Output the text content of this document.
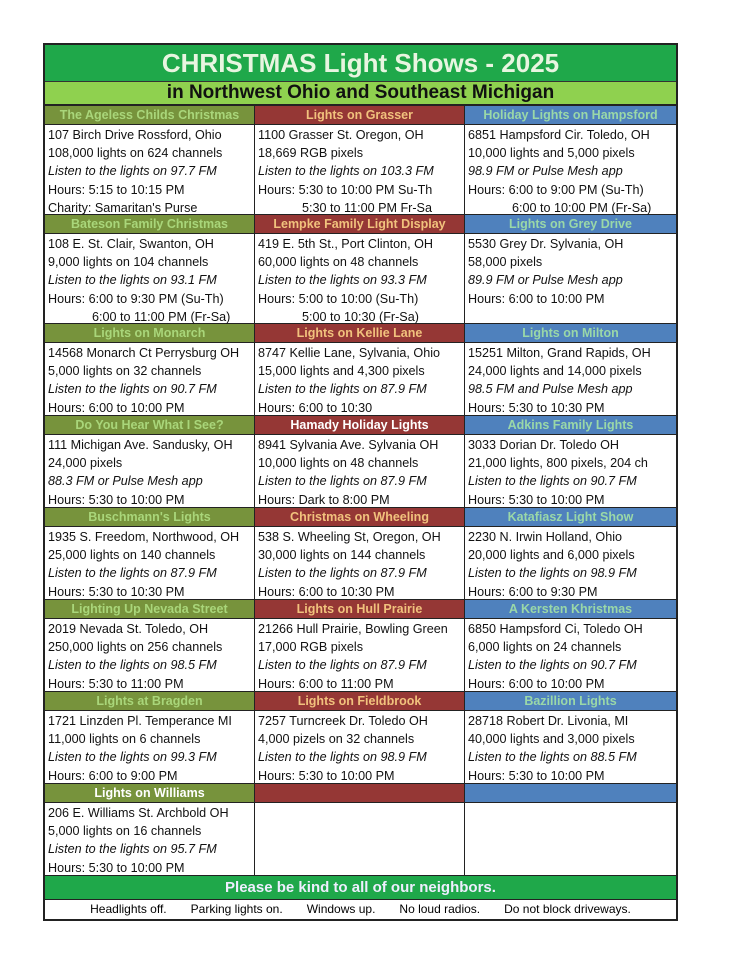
CHRISTMAS Light Shows - 2025
in Northwest Ohio and Southeast Michigan
The Ageless Childs Christmas
107 Birch Drive Rossford, Ohio
108,000 lights on 624 channels
Listen to the lights on 97.7 FM
Hours: 5:15 to 10:15 PM
Charity: Samaritan's Purse
Lights on Grasser
1100 Grasser St. Oregon, OH
18,669 RGB pixels
Listen to the lights on 103.3 FM
Hours: 5:30 to 10:00 PM Su-Th
5:30 to 11:00 PM Fr-Sa
Holiday Lights on Hampsford
6851 Hampsford Cir. Toledo, OH
10,000 lights and 5,000 pixels
98.9 FM or Pulse Mesh app
Hours: 6:00 to 9:00 PM (Su-Th)
6:00 to 10:00 PM (Fr-Sa)
Bateson Family Christmas
108 E. St. Clair, Swanton, OH
9,000 lights on 104 channels
Listen to the lights on 93.1 FM
Hours: 6:00 to 9:30 PM (Su-Th)
6:00 to 11:00 PM (Fr-Sa)
Lempke Family Light Display
419 E. 5th St., Port Clinton, OH
60,000 lights on 48 channels
Listen to the lights on 93.3 FM
Hours: 5:00 to 10:00 (Su-Th)
5:00 to 10:30 (Fr-Sa)
Lights on Grey Drive
5530 Grey Dr. Sylvania, OH
58,000 pixels
89.9 FM or Pulse Mesh app
Hours: 6:00 to 10:00 PM
Lights on Monarch
14568 Monarch Ct Perrysburg OH
5,000 lights on 32 channels
Listen to the lights on 90.7 FM
Hours: 6:00 to 10:00 PM
Lights on Kellie Lane
8747 Kellie Lane, Sylvania, Ohio
15,000 lights and 4,300 pixels
Listen to the lights on 87.9 FM
Hours: 6:00 to 10:30
Lights on Milton
15251 Milton, Grand Rapids, OH
24,000 lights and 14,000 pixels
98.5 FM and Pulse Mesh app
Hours: 5:30 to 10:30 PM
Do You Hear What I See?
111 Michigan Ave. Sandusky, OH
24,000 pixels
88.3 FM or Pulse Mesh app
Hours: 5:30 to 10:00 PM
Hamady Holiday Lights
8941 Sylvania Ave. Sylvania OH
10,000 lights on 48 channels
Listen to the lights on 87.9 FM
Hours: Dark to 8:00 PM
Adkins Family Lights
3033 Dorian Dr. Toledo OH
21,000 lights, 800 pixels, 204 ch
Listen to the lights on 90.7 FM
Hours: 5:30 to 10:00 PM
Buschmann's Lights
1935 S. Freedom, Northwood, OH
25,000 lights on 140 channels
Listen to the lights on 87.9 FM
Hours: 5:30 to 10:30 PM
Christmas on Wheeling
538 S. Wheeling St, Oregon, OH
30,000 lights on 144 channels
Listen to the lights on 87.9 FM
Hours: 6:00 to 10:30 PM
Katafiasz Light Show
2230 N. Irwin Holland, Ohio
20,000 lights and 6,000 pixels
Listen to the lights on 98.9 FM
Hours: 6:00 to 9:30 PM
Lighting Up Nevada Street
2019 Nevada St. Toledo, OH
250,000 lights on 256 channels
Listen to the lights on 98.5 FM
Hours: 5:30 to 11:00 PM
Lights on Hull Prairie
21266 Hull Prairie, Bowling Green
17,000 RGB pixels
Listen to the lights on 87.9 FM
Hours: 6:00 to 11:00 PM
A Kersten Khristmas
6850 Hampsford Ci, Toledo OH
6,000 lights on 24 channels
Listen to the lights on 90.7 FM
Hours: 6:00 to 10:00 PM
Lights at Bragden
1721 Linzden Pl. Temperance MI
11,000 lights on 6 channels
Listen to the lights on 99.3 FM
Hours: 6:00 to 9:00 PM
Lights on Fieldbrook
7257 Turncreek Dr. Toledo OH
4,000 pizels on 32 channels
Listen to the lights on 98.9 FM
Hours: 5:30 to 10:00 PM
Bazillion Lights
28718 Robert Dr. Livonia, MI
40,000 lights and 3,000 pixels
Listen to the lights on 88.5 FM
Hours: 5:30 to 10:00 PM
Lights on Williams
206 E. Williams St. Archbold OH
5,000 lights on 16 channels
Listen to the lights on 95.7 FM
Hours: 5:30 to 10:00 PM
Please be kind to all of our neighbors.
Headlights off. Parking lights on. Windows up. No loud radios. Do not block driveways.
